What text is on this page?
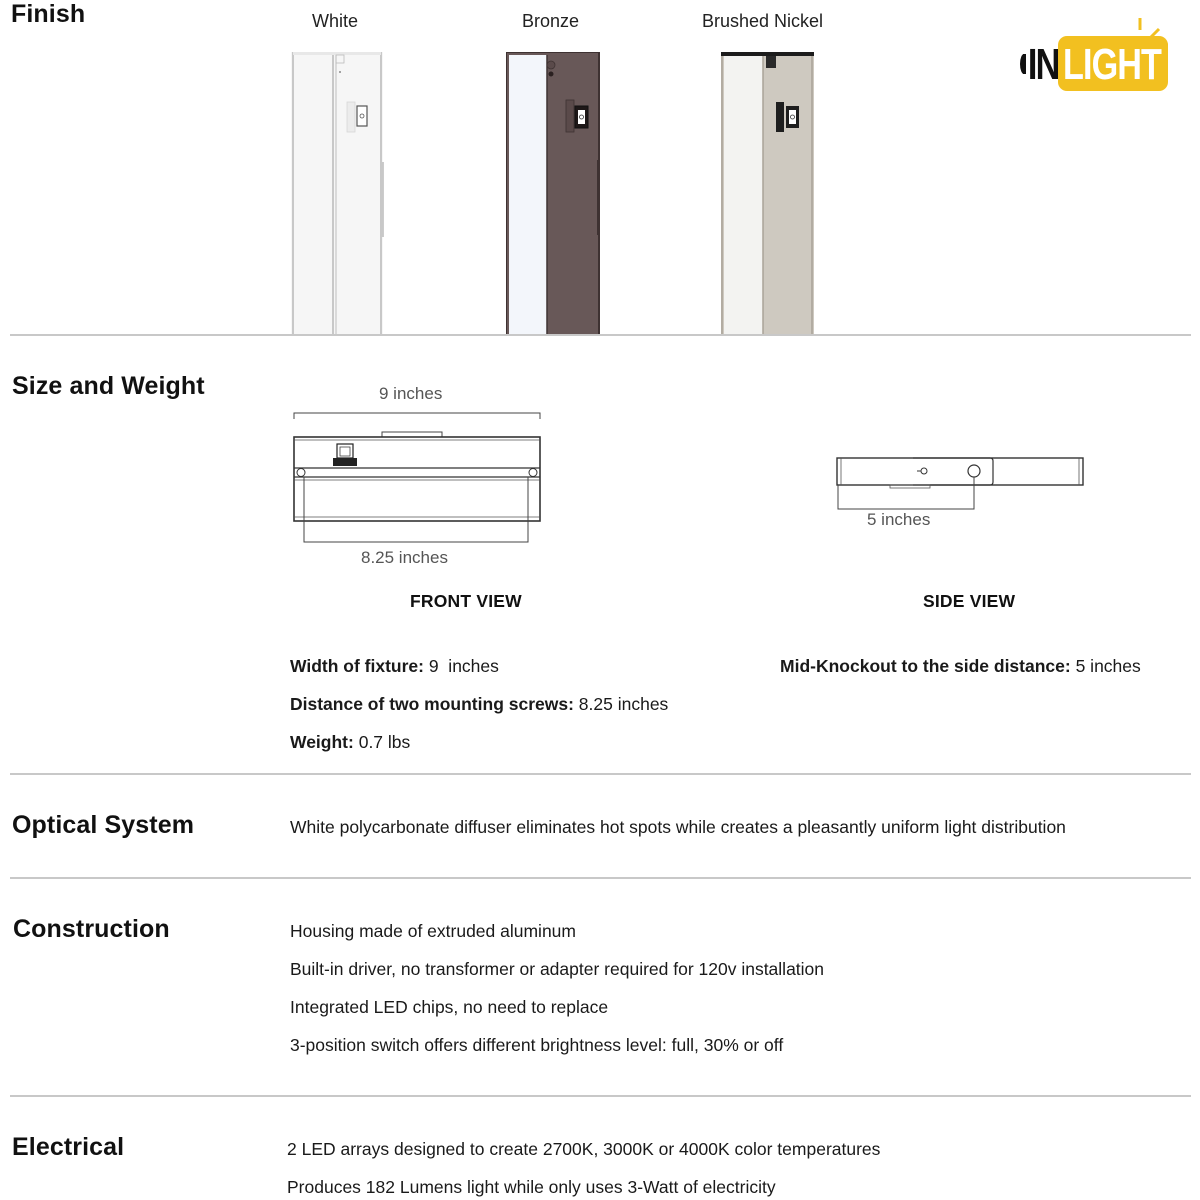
Finish	White	Bronze	Brushed Nickel
IN LIGHT
Size and Weight	9 inches
8.25 inches
FRONT VIEW
5 inches
SIDE VIEW
Width of fixture: 9  inches
Distance of two mounting screws: 8.25 inches
Weight: 0.7 lbs
Mid-Knockout to the side distance: 5 inches
Optical System	White polycarbonate diffuser eliminates hot spots while creates a pleasantly uniform light distribution
Construction	Housing made of extruded aluminum
Built-in driver, no transformer or adapter required for 120v installation
Integrated LED chips, no need to replace
3-position switch offers different brightness level: full, 30% or off
Electrical	2 LED arrays designed to create 2700K, 3000K or 4000K color temperatures
Produces 182 Lumens light while only uses 3-Watt of electricity
